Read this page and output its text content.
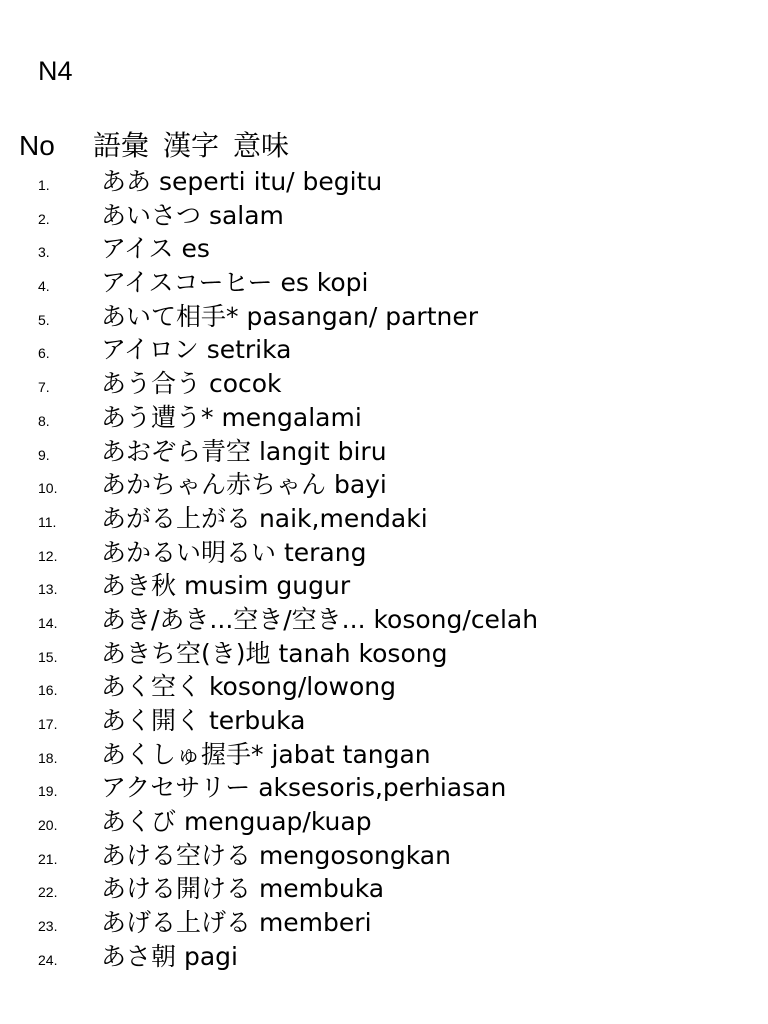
N4
No 語彙 漢字 意味
1. ああ seperti itu/ begitu
2. あいさつ salam
3. アイス es
4. アイスコーヒー es kopi
5. あいて相手* pasangan/ partner
6. アイロン setrika
7. あう合う cocok
8. あう遭う* mengalami
9. あおぞら青空 langit biru
10. あかちゃん赤ちゃん bayi
11. あがる上がる naik,mendaki
12. あかるい明るい terang
13. あき秋 musim gugur
14. あき/あき...空き/空き... kosong/celah
15. あきち空(き)地 tanah kosong
16. あく空く kosong/lowong
17. あく開く terbuka
18. あくしゅ握手* jabat tangan
19. アクセサリー aksesoris,perhiasan
20. あくび menguap/kuap
21. あける空ける mengosongkan
22. あける開ける membuka
23. あげる上げる memberi
24. あさ朝 pagi
